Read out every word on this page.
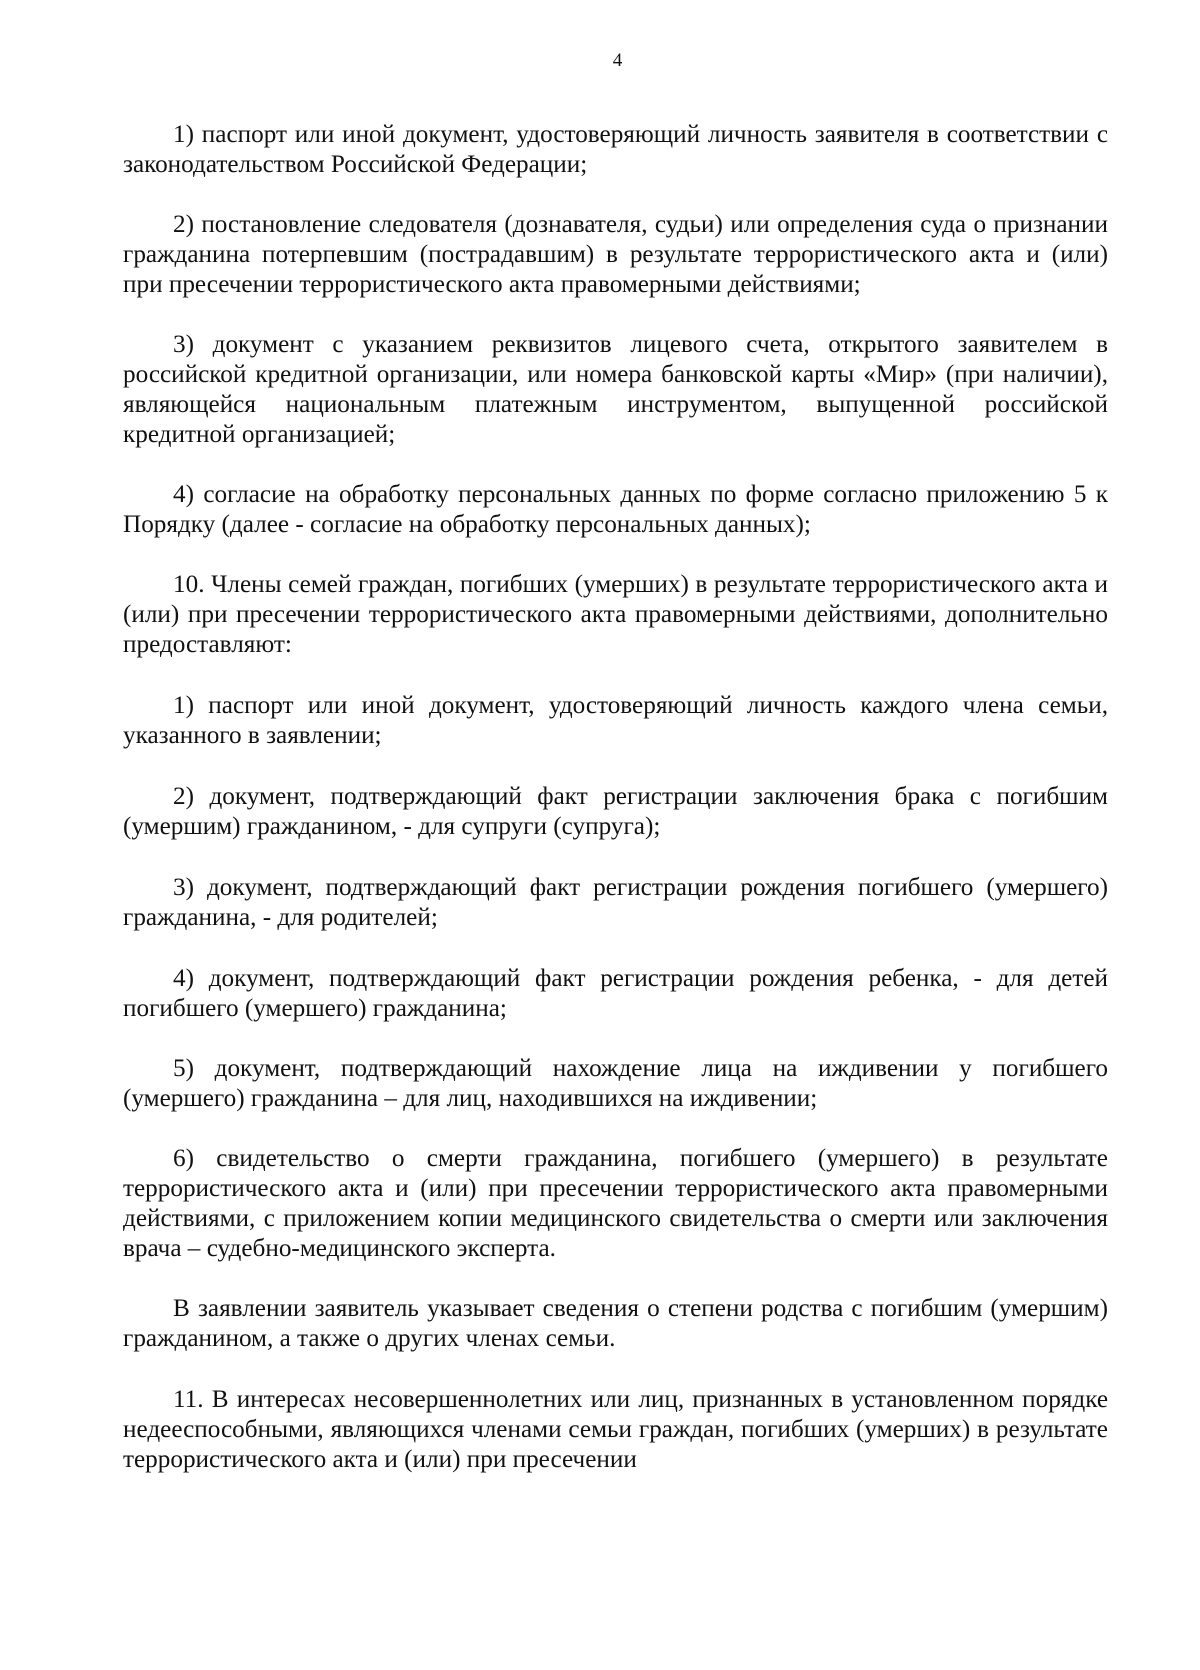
4

1) паспорт или иной документ, удостоверяющий личность заявителя в соответствии с законодательством Российской Федерации;

2) постановление следователя (дознавателя, судьи) или определения суда о признании гражданина потерпевшим (пострадавшим) в результате террористического акта и (или) при пресечении террористического акта правомерными действиями;

3) документ с указанием реквизитов лицевого счета, открытого заявителем в российской кредитной организации, или номера банковской карты «Мир» (при наличии), являющейся национальным платежным инструментом, выпущенной российской кредитной организацией;

4) согласие на обработку персональных данных по форме согласно приложению 5 к Порядку (далее - согласие на обработку персональных данных);

10. Члены семей граждан, погибших (умерших) в результате террористического акта и (или) при пресечении террористического акта правомерными действиями, дополнительно предоставляют:

1) паспорт или иной документ, удостоверяющий личность каждого члена семьи, указанного в заявлении;

2) документ, подтверждающий факт регистрации заключения брака с погибшим (умершим) гражданином, - для супруги (супруга);

3) документ, подтверждающий факт регистрации рождения погибшего (умершего) гражданина, - для родителей;

4) документ, подтверждающий факт регистрации рождения ребенка, - для детей погибшего (умершего) гражданина;

5) документ, подтверждающий нахождение лица на иждивении у погибшего (умершего) гражданина – для лиц, находившихся на иждивении;

6) свидетельство о смерти гражданина, погибшего (умершего) в результате террористического акта и (или) при пресечении террористического акта правомерными действиями, с приложением копии медицинского свидетельства о смерти или заключения врача – судебно-медицинского эксперта.

В заявлении заявитель указывает сведения о степени родства с погибшим (умершим) гражданином, а также о других членах семьи.

11. В интересах несовершеннолетних или лиц, признанных в установленном порядке недееспособными, являющихся членами семьи граждан, погибших (умерших) в результате террористического акта и (или) при пресечении
